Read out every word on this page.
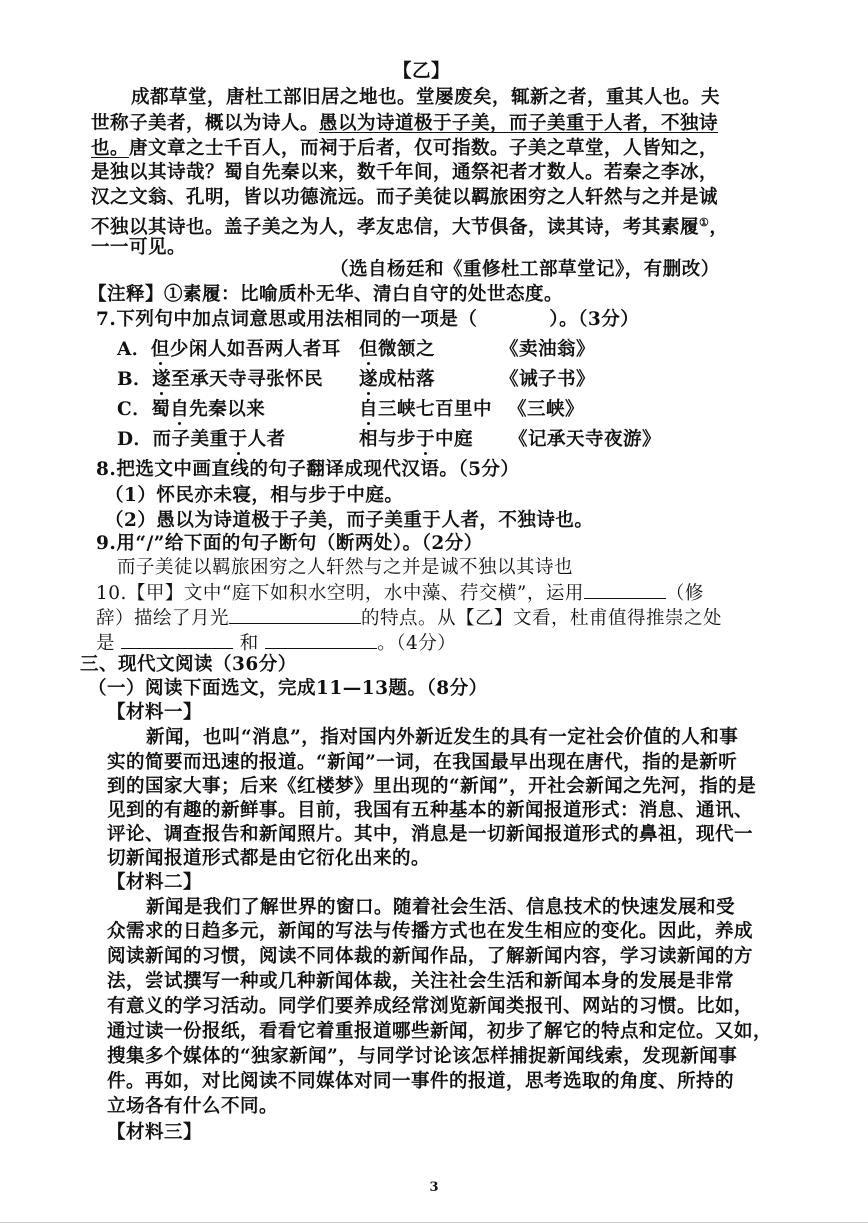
【乙】
成都草堂，唐杜工部旧居之地也。堂屡废矣，辄新之者，重其人也。夫
世称子美者，概以为诗人。愚以为诗道极于子美，而子美重于人者，不独诗
也。唐文章之士千百人，而祠于后者，仅可指数。子美之草堂，人皆知之，
是独以其诗哉？蜀自先秦以来，数千年间，通祭祀者才数人。若秦之李冰，
汉之文翁、孔明，皆以功德流远。而子美徒以羁旅困穷之人轩然与之并是诚
不独以其诗也。盖子美之为人，孝友忠信，大节俱备，读其诗，考其素履①，
一一可见。
（选自杨廷和《重修杜工部草堂记》，有删改）
【注释】①素履：比喻质朴无华、清白自守的处世态度。
7.下列句中加点词意思或用法相同的一项是（	）。（3分）
A．但少闲人如吾两人者耳 但微颔之	《卖油翁》
B．遂至承天寺寻张怀民 遂成枯落	《诫子书》
C．蜀自先秦以来	自三峡七百里中 《三峡》
D．而子美重于人者	相与步于中庭 《记承天寺夜游》
8.把选文中画直线的句子翻译成现代汉语。（5分）
（1）怀民亦未寝，相与步于中庭。
（2）愚以为诗道极于子美，而子美重于人者，不独诗也。
9.用“/”给下面的句子断句（断两处）。（2分）
而子美徒以羁旅困穷之人轩然与之并是诚不独以其诗也
10.【甲】文中“庭下如积水空明，水中藻、荇交横”，运用	（修
辞）描绘了月光	的特点。从【乙】文看，杜甫值得推崇之处
是	和	。（4分）
三、现代文阅读（36分）
（一）阅读下面选文，完成11—13题。（8分）
【材料一】
新闻，也叫“消息”，指对国内外新近发生的具有一定社会价值的人和事
实的简要而迅速的报道。“新闻”一词，在我国最早出现在唐代，指的是新听
到的国家大事；后来《红楼梦》里出现的“新闻”，开社会新闻之先河，指的是
见到的有趣的新鲜事。目前，我国有五种基本的新闻报道形式：消息、通讯、
评论、调查报告和新闻照片。其中，消息是一切新闻报道形式的鼻祖，现代一
切新闻报道形式都是由它衍化出来的。
【材料二】
新闻是我们了解世界的窗口。随着社会生活、信息技术的快速发展和受
众需求的日趋多元，新闻的写法与传播方式也在发生相应的变化。因此，养成
阅读新闻的习惯，阅读不同体裁的新闻作品，了解新闻内容，学习读新闻的方
法，尝试撰写一种或几种新闻体裁，关注社会生活和新闻本身的发展是非常
有意义的学习活动。同学们要养成经常浏览新闻类报刊、网站的习惯。比如，
通过读一份报纸，看看它着重报道哪些新闻，初步了解它的特点和定位。又如，
搜集多个媒体的“独家新闻”，与同学讨论该怎样捕捉新闻线索，发现新闻事
件。再如，对比阅读不同媒体对同一事件的报道，思考选取的角度、所持的
立场各有什么不同。
【材料三】
3
